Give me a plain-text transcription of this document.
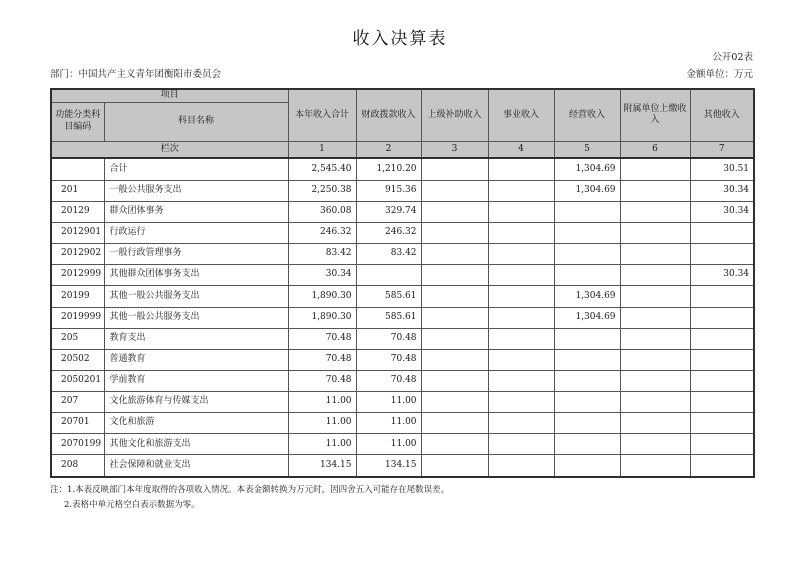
收入决算表
公开02表
部门：中国共产主义青年团衡阳市委员会	金额单位：万元
项目		本年收入合计	财政拨款收入	上级补助收入	事业收入	经营收入	附属单位上缴收入	其他收入
功能分类科目编码	科目名称							
栏次		1	2	3	4	5	6	7
	合计	2,545.40	1,210.20			1,304.69		30.51
201	一般公共服务支出	2,250.38	915.36			1,304.69		30.34
20129	群众团体事务	360.08	329.74					30.34
2012901	行政运行	246.32	246.32					
2012902	一般行政管理事务	83.42	83.42					
2012999	其他群众团体事务支出	30.34						30.34
20199	其他一般公共服务支出	1,890.30	585.61			1,304.69		
2019999	其他一般公共服务支出	1,890.30	585.61			1,304.69		
205	教育支出	70.48	70.48					
20502	普通教育	70.48	70.48					
2050201	学前教育	70.48	70.48					
207	文化旅游体育与传媒支出	11.00	11.00					
20701	文化和旅游	11.00	11.00					
2070199	其他文化和旅游支出	11.00	11.00					
208	社会保障和就业支出	134.15	134.15					
注：1.本表反映部门本年度取得的各项收入情况。本表金额转换为万元时，因四舍五入可能存在尾数误差。
2.表格中单元格空白表示数据为零。
